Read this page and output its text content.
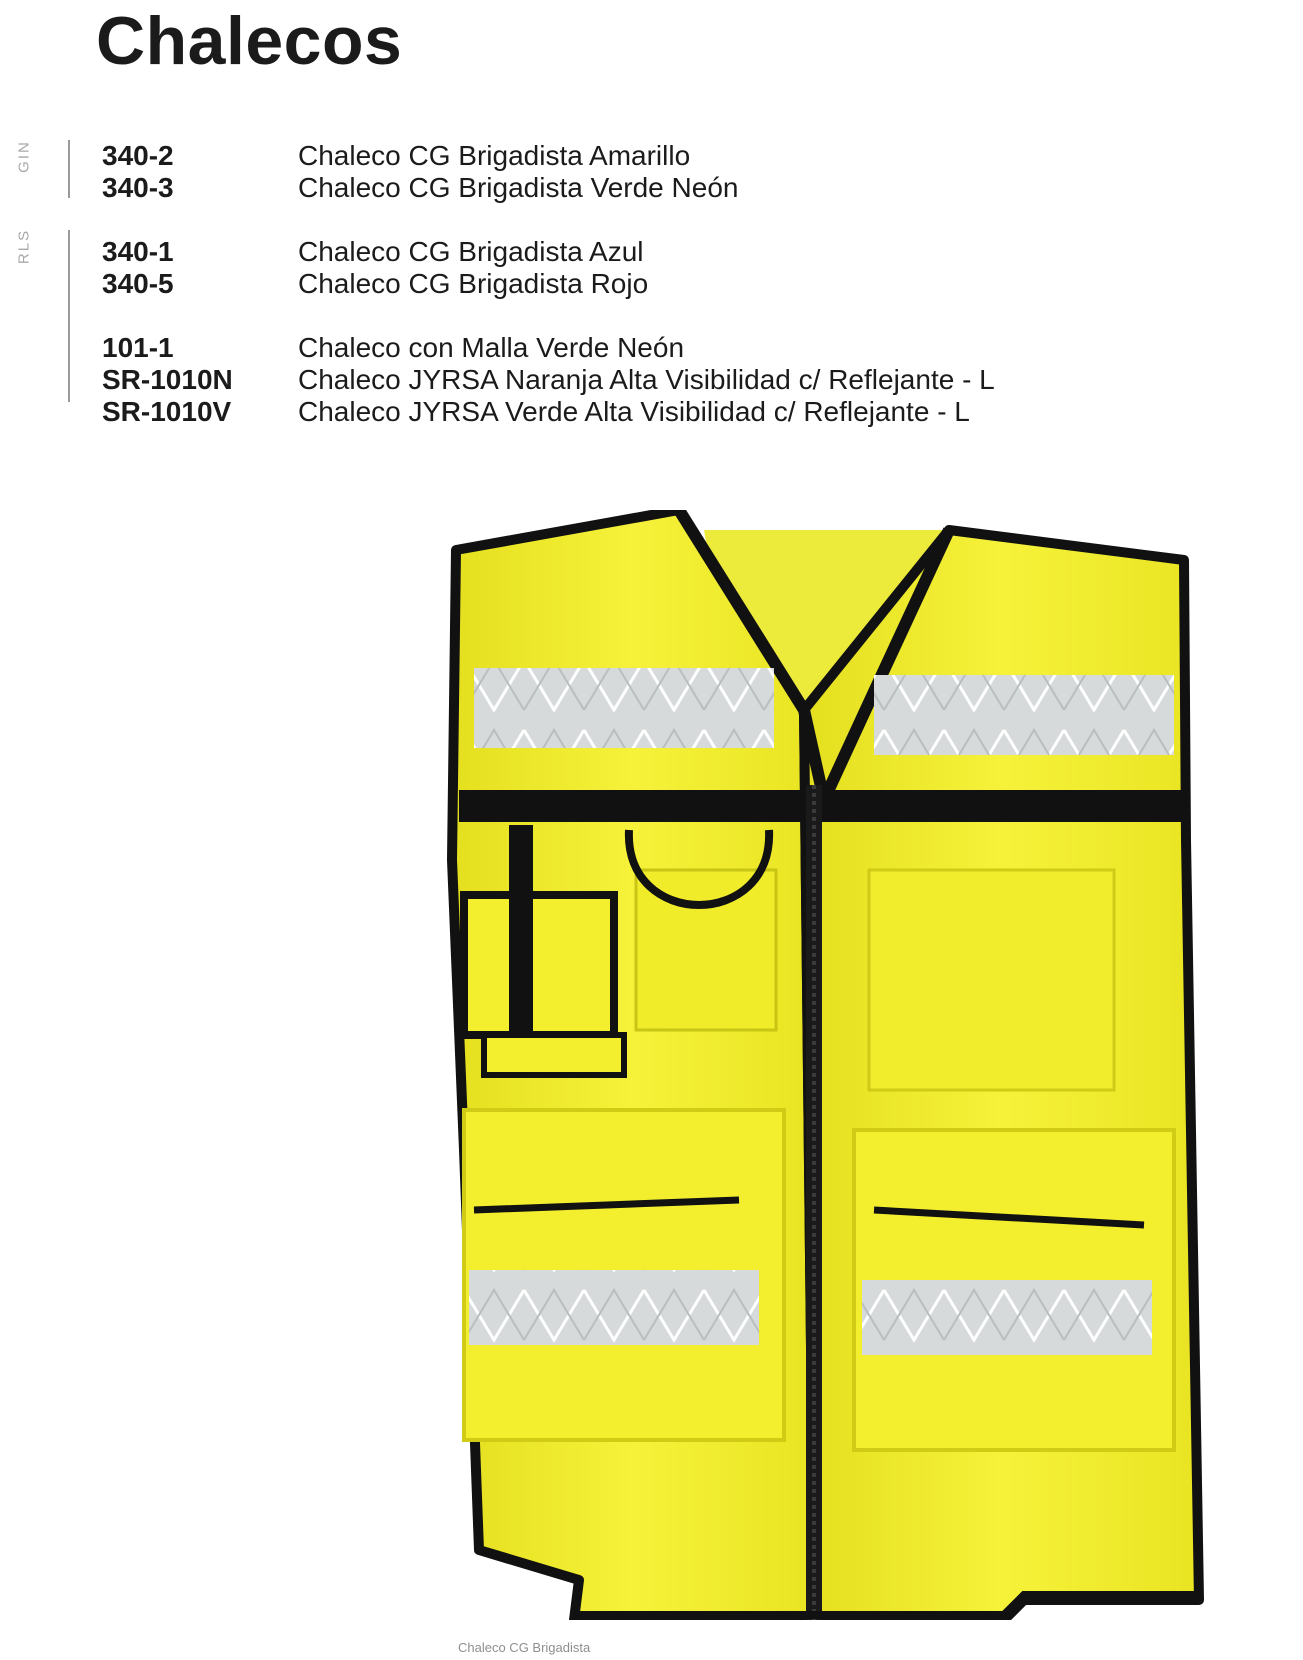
Chalecos
GIN
RLS
340-2	Chaleco CG Brigadista Amarillo
340-3	Chaleco CG Brigadista Verde Neón
340-1	Chaleco CG Brigadista Azul
340-5	Chaleco CG Brigadista Rojo
101-1	Chaleco con Malla Verde Neón
SR-1010N	Chaleco JYRSA Naranja Alta Visibilidad c/ Reflejante - L
SR-1010V	Chaleco JYRSA Verde Alta Visibilidad c/ Reflejante - L
Chaleco CG Brigadista
